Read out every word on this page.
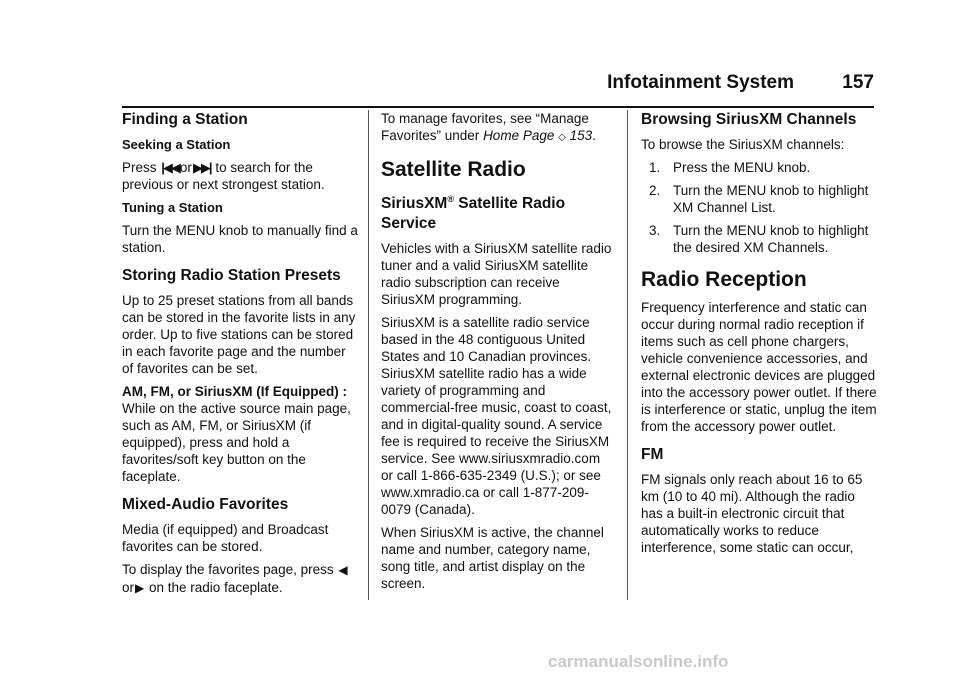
Infotainment System	157
Finding a Station
Seeking a Station

Press |◀◀or▶▶| to search for the previous or next strongest station.

Tuning a Station

Turn the MENU knob to manually find a station.

Storing Radio Station Presets

Up to 25 preset stations from all bands can be stored in the favorite lists in any order. Up to five stations can be stored in each favorite page and the number of favorites can be set.

AM, FM, or SiriusXM (If Equipped) : While on the active source main page, such as AM, FM, or SiriusXM (if equipped), press and hold a favorites/soft key button on the faceplate.

Mixed-Audio Favorites

Media (if equipped) and Broadcast favorites can be stored.

To display the favorites page, press ◀or▶ on the radio faceplate.

To manage favorites, see “Manage Favorites” under Home Page ◇ 153.

Satellite Radio
SiriusXM® Satellite Radio Service

Vehicles with a SiriusXM satellite radio tuner and a valid SiriusXM satellite radio subscription can receive SiriusXM programming.

SiriusXM is a satellite radio service based in the 48 contiguous United States and 10 Canadian provinces. SiriusXM satellite radio has a wide variety of programming and commercial-free music, coast to coast, and in digital-quality sound. A service fee is required to receive the SiriusXM service. See www.siriusxmradio.com or call 1-866-635-2349 (U.S.); or see www.xmradio.ca or call 1-877-209-0079 (Canada).

When SiriusXM is active, the channel name and number, category name, song title, and artist display on the screen.

Browsing SiriusXM Channels

To browse the SiriusXM channels:

1. Press the MENU knob.
2. Turn the MENU knob to highlight XM Channel List.
3. Turn the MENU knob to highlight the desired XM Channels.
Radio Reception

Frequency interference and static can occur during normal radio reception if items such as cell phone chargers, vehicle convenience accessories, and external electronic devices are plugged into the accessory power outlet. If there is interference or static, unplug the item from the accessory power outlet.

FM

FM signals only reach about 16 to 65 km (10 to 40 mi). Although the radio has a built-in electronic circuit that automatically works to reduce interference, some static can occur,

carmanualsonline.info
